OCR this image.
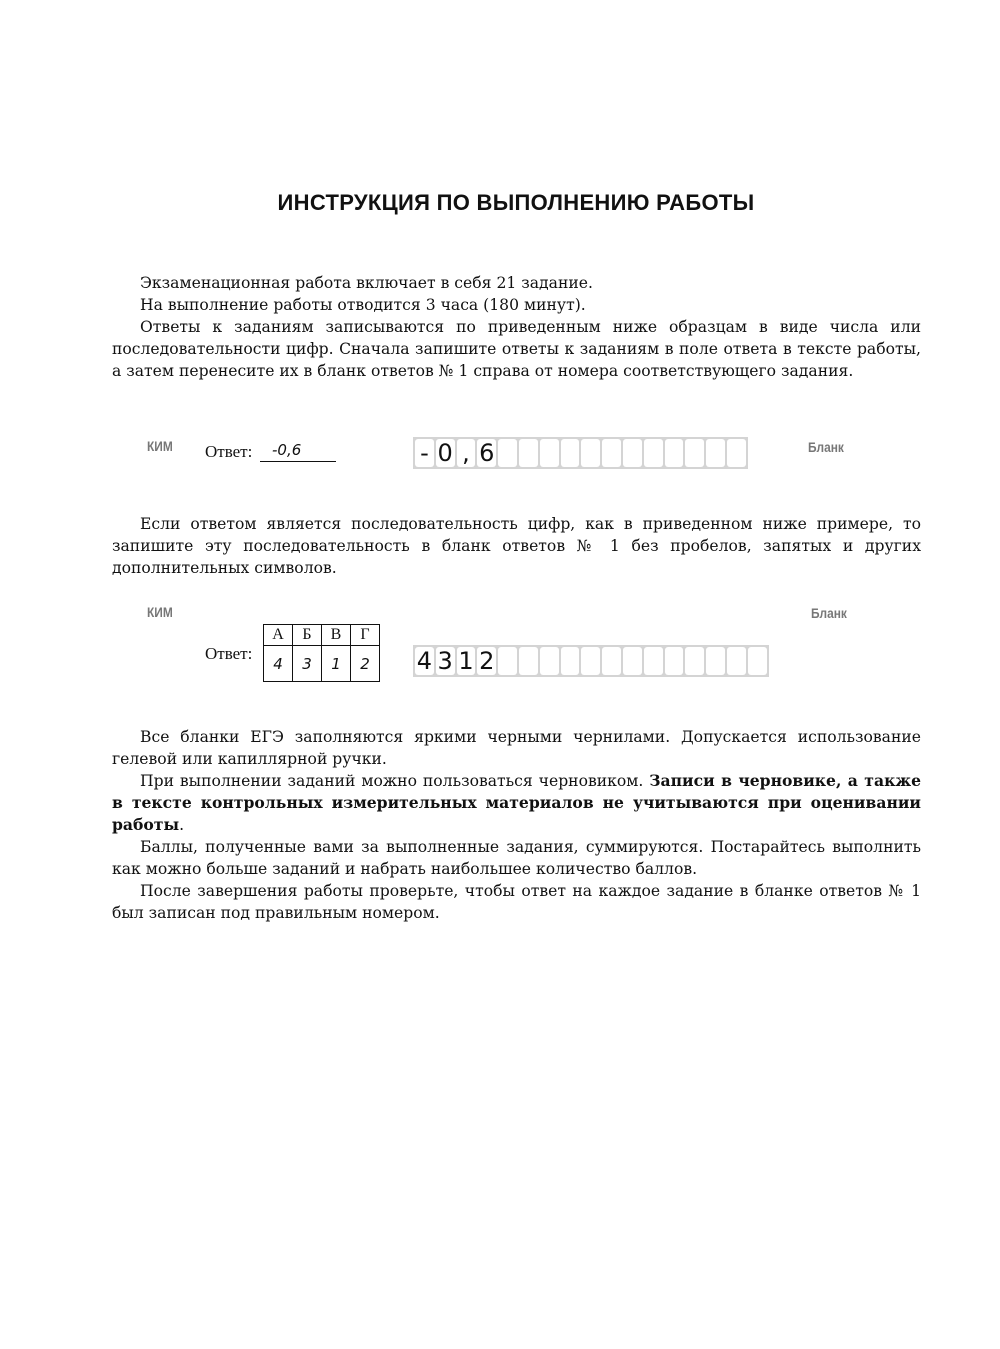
ИНСТРУКЦИЯ ПО ВЫПОЛНЕНИЮ РАБОТЫ

Экзаменационная работа включает в себя 21 задание.

На выполнение работы отводится 3 часа (180 минут).

Ответы к заданиям записываются по приведенным ниже образцам в виде числа или последовательности цифр. Сначала запишите ответы к заданиям в поле ответа в тексте работы, а затем перенесите их в бланк ответов № 1 справа от номера соответствующего задания.

КИМ Ответ:	-0,6	- 0 , 6	Бланк

Если ответом является последовательность цифр, как в приведенном ниже примере, то запишите эту последовательность в бланк ответов № 1 без пробелов, запятых и других дополнительных символов.

КИМ	Бланк
Ответ:
А	Б	В	Г
4	3	1	2 4 3 1 2

Все бланки ЕГЭ заполняются яркими черными чернилами. Допускается использование гелевой или капиллярной ручки.

При выполнении заданий можно пользоваться черновиком. Записи в черновике, а также в тексте контрольных измерительных материалов не учитываются при оценивании работы.

Баллы, полученные вами за выполненные задания, суммируются. Постарайтесь выполнить как можно больше заданий и набрать наибольшее количество баллов.

После завершения работы проверьте, чтобы ответ на каждое задание в бланке ответов № 1 был записан под правильным номером.
